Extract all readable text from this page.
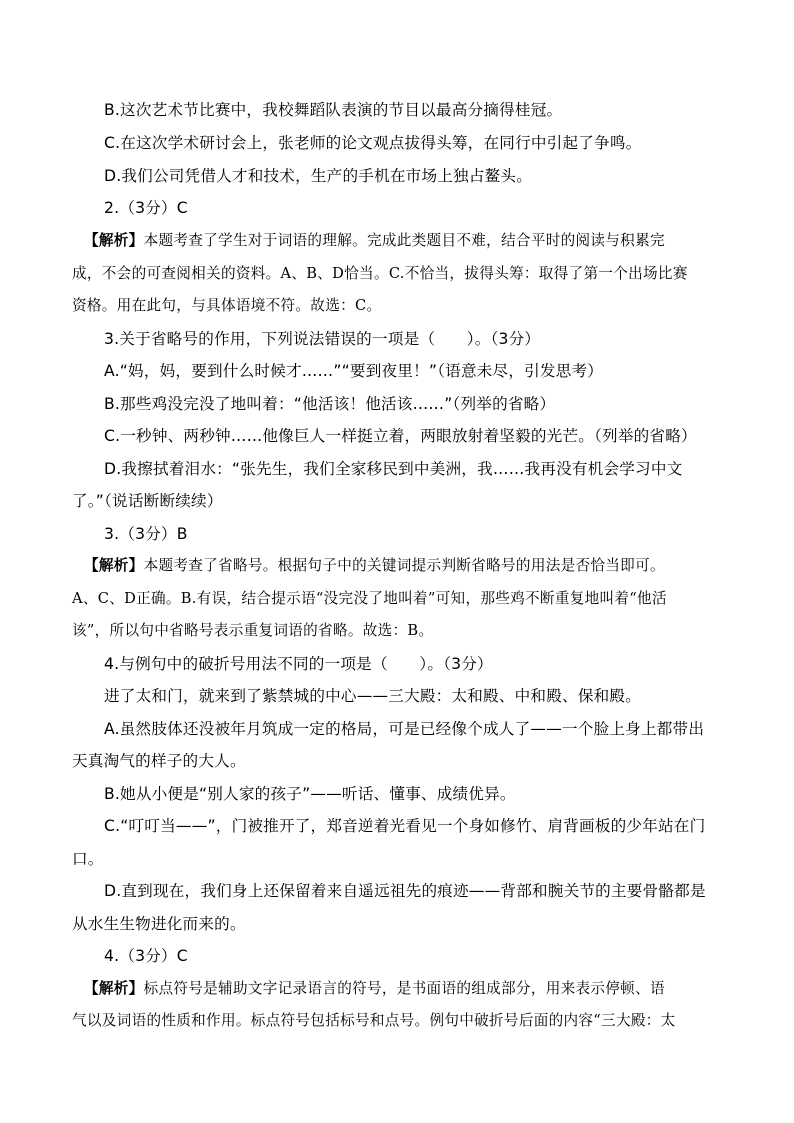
B.这次艺术节比赛中，我校舞蹈队表演的节目以最高分摘得桂冠。
C.在这次学术研讨会上，张老师的论文观点拔得头筹，在同行中引起了争鸣。
D.我们公司凭借人才和技术，生产的手机在市场上独占鳌头。
2.（3分）C
【解析】本题考查了学生对于词语的理解。完成此类题目不难，结合平时的阅读与积累完
成，不会的可查阅相关的资料。A、B、D恰当。C.不恰当，拔得头筹：取得了第一个出场比赛
资格。用在此句，与具体语境不符。故选：C。
3.关于省略号的作用，下列说法错误的一项是（　　）。（3分）
A.“妈，妈，要到什么时候才……”“要到夜里！”（语意未尽，引发思考）
B.那些鸡没完没了地叫着：“他活该！他活该……”（列举的省略）
C.一秒钟、两秒钟……他像巨人一样挺立着，两眼放射着坚毅的光芒。（列举的省略）
D.我擦拭着泪水：“张先生，我们全家移民到中美洲，我……我再没有机会学习中文
了。”（说话断断续续）
3.（3分）B
【解析】本题考查了省略号。根据句子中的关键词提示判断省略号的用法是否恰当即可。
A、C、D正确。B.有误，结合提示语“没完没了地叫着”可知，那些鸡不断重复地叫着“他活
该”，所以句中省略号表示重复词语的省略。故选：B。
4.与例句中的破折号用法不同的一项是（　　）。（3分）
进了太和门，就来到了紫禁城的中心——三大殿：太和殿、中和殿、保和殿。
A.虽然肢体还没被年月筑成一定的格局，可是已经像个成人了——一个脸上身上都带出
天真淘气的样子的大人。
B.她从小便是“别人家的孩子”——听话、懂事、成绩优异。
C.“叮叮当——”，门被推开了，郑音逆着光看见一个身如修竹、肩背画板的少年站在门
口。
D.直到现在，我们身上还保留着来自遥远祖先的痕迹——背部和腕关节的主要骨骼都是
从水生生物进化而来的。
4.（3分）C
【解析】标点符号是辅助文字记录语言的符号，是书面语的组成部分，用来表示停顿、语
气以及词语的性质和作用。标点符号包括标号和点号。例句中破折号后面的内容“三大殿：太
